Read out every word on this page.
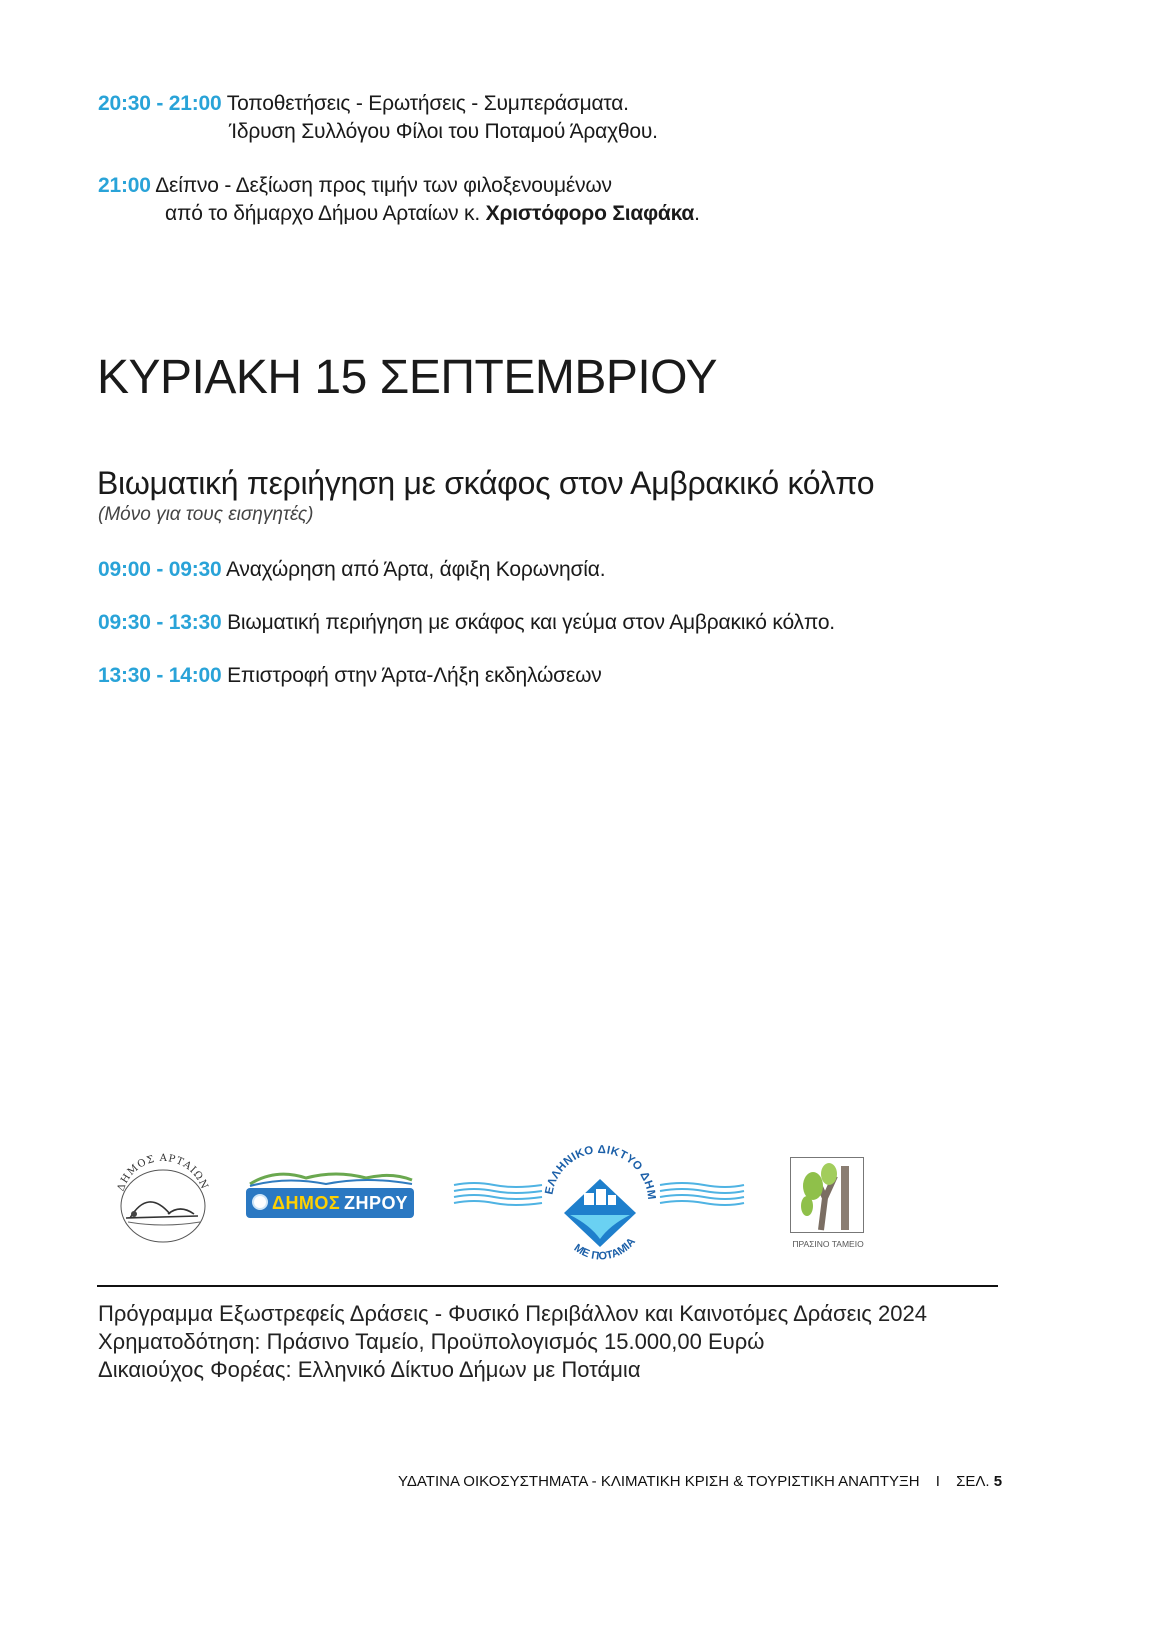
20:30 - 21:00 Τοποθετήσεις - Ερωτήσεις - Συμπεράσματα.
Ίδρυση Συλλόγου Φίλοι του Ποταμού Άραχθου.
21:00 Δείπνο - Δεξίωση προς τιμήν των φιλοξενουμένων
από το δήμαρχο Δήμου Αρταίων κ. Χριστόφορο Σιαφάκα.
ΚΥΡΙΑΚΗ 15 ΣΕΠΤΕΜΒΡΙΟΥ
Βιωματική περιήγηση με σκάφος στον Αμβρακικό κόλπο
(Μόνο για τους εισηγητές)
09:00 - 09:30 Αναχώρηση από Άρτα, άφιξη Κορωνησία.
09:30 - 13:30 Βιωματική περιήγηση με σκάφος και γεύμα στον Αμβρακικό κόλπο.
13:30 - 14:00 Επιστροφή στην Άρτα-Λήξη εκδηλώσεων
ΔΗΜΟΣ ΑΡΤΑΙΩΝ
ΔΗΜΟΣ ΖΗΡΟΥ
ΕΛΛΗΝΙΚΟ ΔΙΚΤΥΟ ΔΗΜ
ΜΕ ΠΟΤΑΜΙΑ	ΠΡΑΣΙΝΟ ΤΑΜΕΙΟ
Πρόγραμμα Εξωστρεφείς Δράσεις - Φυσικό Περιβάλλον και Καινοτόμες Δράσεις 2024
Χρηματοδότηση: Πράσινο Ταμείο, Προϋπολογισμός 15.000,00 Ευρώ
Δικαιούχος Φορέας: Ελληνικό Δίκτυο Δήμων με Ποτάμια
ΥΔΑΤΙΝΑ ΟΙΚΟΣΥΣΤΗΜΑΤΑ - ΚΛΙΜΑΤΙΚΗ ΚΡΙΣΗ & ΤΟΥΡΙΣΤΙΚΗ ΑΝΑΠΤΥΞΗ I ΣΕΛ. 5
